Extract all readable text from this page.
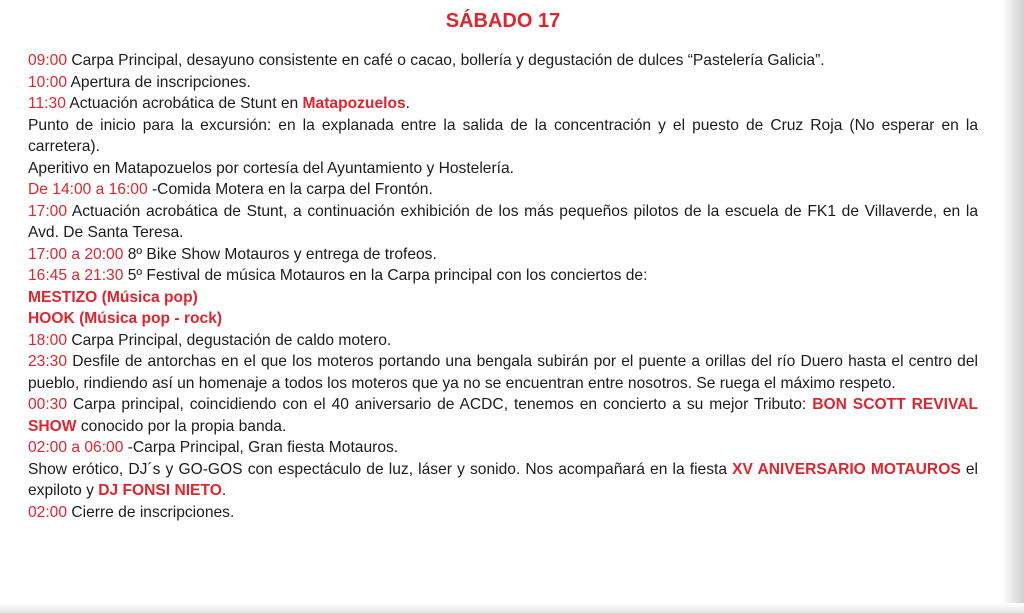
SÁBADO 17

09:00 Carpa Principal, desayuno consistente en café o cacao, bollería y degustación de dulces “Pastelería Galicia”.

10:00 Apertura de inscripciones.

11:30 Actuación acrobática de Stunt en Matapozuelos.

Punto de inicio para la excursión: en la explanada entre la salida de la concentración y el puesto de Cruz Roja (No esperar en la carretera).

Aperitivo en Matapozuelos por cortesía del Ayuntamiento y Hostelería.

De 14:00 a 16:00 -Comida Motera en la carpa del Frontón.

17:00 Actuación acrobática de Stunt, a continuación exhibición de los más pequeños pilotos de la escuela de FK1 de Villaverde, en la Avd. De Santa Teresa.

17:00 a 20:00 8º Bike Show Motauros y entrega de trofeos.

16:45 a 21:30 5º Festival de música Motauros en la Carpa principal con los conciertos de:

MESTIZO (Música pop)

HOOK (Música pop - rock)

18:00 Carpa Principal, degustación de caldo motero.

23:30 Desfile de antorchas en el que los moteros portando una bengala subirán por el puente a orillas del río Duero hasta el centro del pueblo, rindiendo así un homenaje a todos los moteros que ya no se encuentran entre nosotros. Se ruega el máximo respeto.

00:30 Carpa principal, coincidiendo con el 40 aniversario de ACDC, tenemos en concierto a su mejor Tributo: BON SCOTT REVIVAL SHOW conocido por la propia banda.

02:00 a 06:00 -Carpa Principal, Gran fiesta Motauros.

Show erótico, DJ´s y GO-GOS con espectáculo de luz, láser y sonido. Nos acompañará en la fiesta XV ANIVERSARIO MOTAUROS el expiloto y DJ FONSI NIETO.

02:00 Cierre de inscripciones.
